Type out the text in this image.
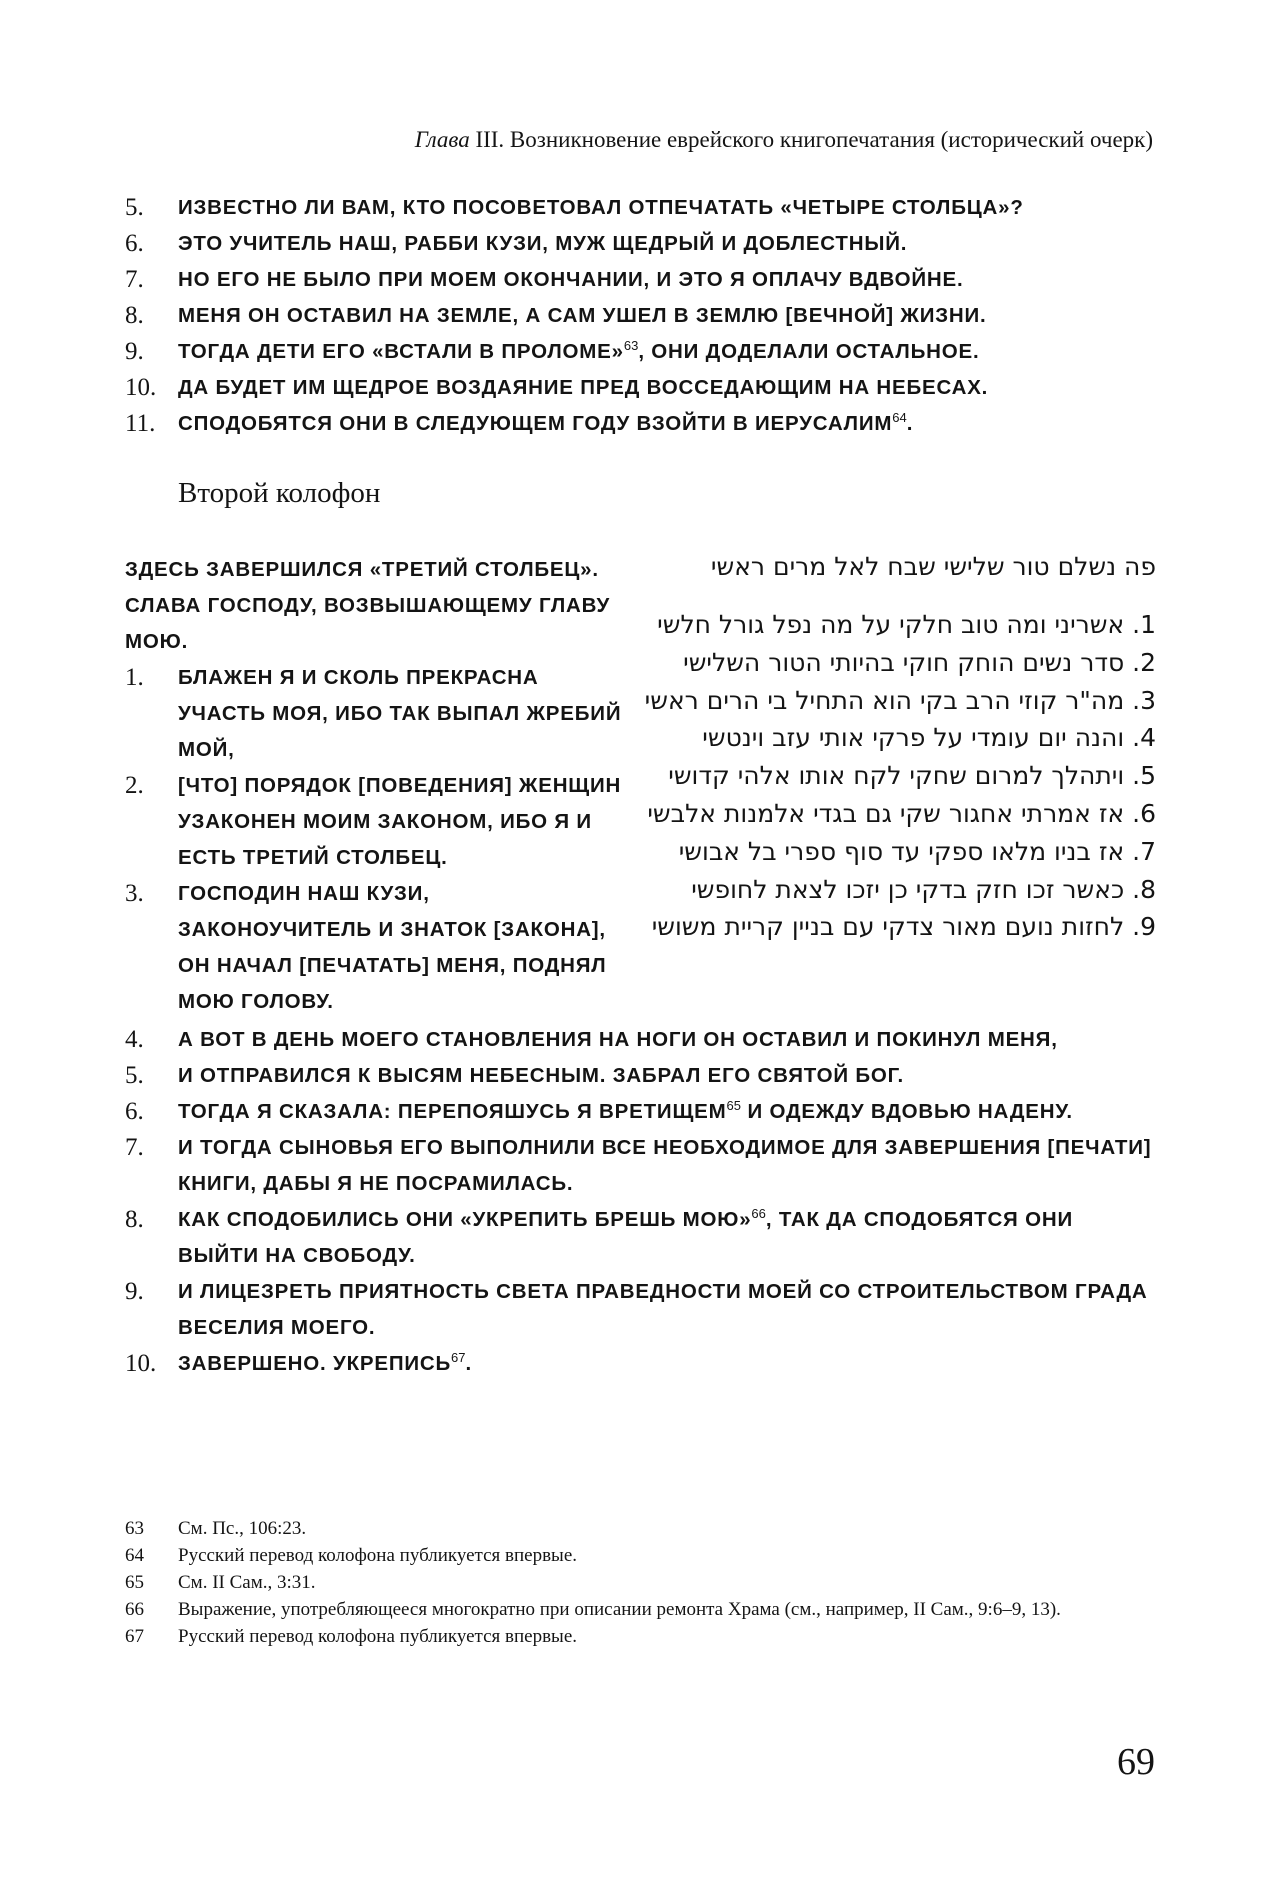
Глава III. Возникновение еврейского книгопечатания (исторический очерк)
5. ИЗВЕСТНО ЛИ ВАМ, КТО ПОСОВЕТОВАЛ ОТПЕЧАТАТЬ «ЧЕТЫРЕ СТОЛБЦА»?
6. ЭТО УЧИТЕЛЬ НАШ, РАББИ КУЗИ, МУЖ ЩЕДРЫЙ И ДОБЛЕСТНЫЙ.
7. НО ЕГО НЕ БЫЛО ПРИ МОЕМ ОКОНЧАНИИ, И ЭТО Я ОПЛАЧУ ВДВОЙНЕ.
8. МЕНЯ ОН ОСТАВИЛ НА ЗЕМЛЕ, А САМ УШЕЛ В ЗЕМЛЮ [ВЕЧНОЙ] ЖИЗНИ.
9. ТОГДА ДЕТИ ЕГО «ВСТАЛИ В ПРОЛОМЕ»$^{63}$, ОНИ ДОДЕЛАЛИ ОСТАЛЬНОЕ.
10. ДА БУДЕТ ИМ ЩЕДРОЕ ВОЗДАЯНИЕ ПРЕД ВОССЕДАЮЩИМ НА НЕБЕСАХ.
11. СПОДОБЯТСЯ ОНИ В СЛЕДУЮЩЕМ ГОДУ ВЗОЙТИ В ИЕРУСАЛИМ$^{64}$.
Второй колофон
ЗДЕСЬ ЗАВЕРШИЛСЯ «ТРЕТИЙ СТОЛБЕЦ». СЛАВА ГОСПОДУ, ВОЗВЫШАЮЩЕМУ ГЛАВУ МОЮ.
1. БЛАЖЕН Я И СКОЛЬ ПРЕКРАСНА УЧАСТЬ МОЯ, ИБО ТАК ВЫПАЛ ЖРЕБИЙ МОЙ,
2. [ЧТО] ПОРЯДОК [ПОВЕДЕНИЯ] ЖЕНЩИН УЗАКОНЕН МОИМ ЗАКОНОМ, ИБО Я И ЕСТЬ ТРЕТИЙ СТОЛБЕЦ.
3. ГОСПОДИН НАШ КУЗИ, ЗАКОНОУЧИТЕЛЬ И ЗНАТОК [ЗАКОНА], ОН НАЧАЛ [ПЕЧАТАТЬ] МЕНЯ, ПОДНЯЛ МОЮ ГОЛОВУ.
פה נשלם טור שלישי שבח לאל מרים ראשי
1. אשריני ומה טוב חלקי על מה נפל גורל חלשי
2. סדר נשים הוחק חוקי בהיותי הטור השלישי
3. מה"ר קוזי הרב בקי הוא התחיל בי הרים ראשי
4. והנה יום עומדי על פרקי אותי עזב וינטשי
5. ויתהלך למרום שחקי לקח אותו אלהי קדושי
6. אז אמרתי אחגור שקי גם בגדי אלמנות אלבשי
7. אז בניו מלאו ספקי עד סוף ספרי בל אבושי
8. כאשר זכו חזק בדקי כן יזכו לצאת לחופשי
9. לחזות נועם מאור צדקי עם בניין קריית משושי
4. А ВОТ В ДЕНЬ МОЕГО СТАНОВЛЕНИЯ НА НОГИ ОН ОСТАВИЛ И ПОКИНУЛ МЕНЯ,
5. И ОТПРАВИЛСЯ К ВЫСЯМ НЕБЕСНЫМ. ЗАБРАЛ ЕГО СВЯТОЙ БОГ.
6. ТОГДА Я СКАЗАЛА: ПЕРЕПОЯШУСЬ Я ВРЕТИЩЕМ$^{65}$ И ОДЕЖДУ ВДОВЬЮ НАДЕНУ.
7. И ТОГДА СЫНОВЬЯ ЕГО ВЫПОЛНИЛИ ВСЕ НЕОБХОДИМОЕ ДЛЯ ЗАВЕРШЕНИЯ [ПЕЧАТИ] КНИГИ, ДАБЫ Я НЕ ПОСРАМИЛАСЬ.
8. КАК СПОДОБИЛИСЬ ОНИ «УКРЕПИТЬ БРЕШЬ МОЮ»$^{66}$, ТАК ДА СПОДОБЯТСЯ ОНИ ВЫЙТИ НА СВОБОДУ.
9. И ЛИЦЕЗРЕТЬ ПРИЯТНОСТЬ СВЕТА ПРАВЕДНОСТИ МОЕЙ СО СТРОИТЕЛЬСТВОМ ГРАДА ВЕСЕЛИЯ МОЕГО.
10. ЗАВЕРШЕНО. УКРЕПИСЬ$^{67}$.
63 См. Пс., 106:23.
64 Русский перевод колофона публикуется впервые.
65 См. II Сам., 3:31.
66 Выражение, употребляющееся многократно при описании ремонта Храма (см., например, II Сам., 9:6–9, 13).
67 Русский перевод колофона публикуется впервые.
69
